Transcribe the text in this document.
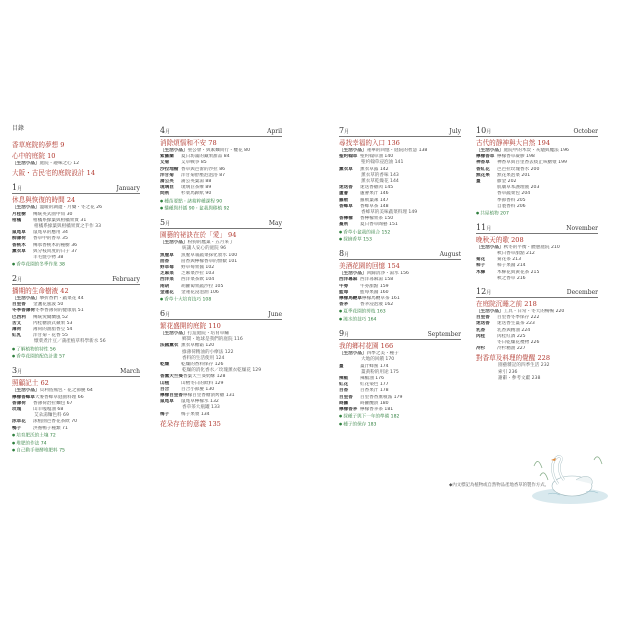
目錄
香草庭院的夢想 9
心中的庭院 10
［生活小品］庭院・趣味之心 12
大阪・古民宅的庭院設計 14
1月	January
休息與恢復的時間 24
［生活小品］溫暖的湖邊・月藥・冬之花 26
月桂樹 傳統英式園中角 30
柑橘	柑橘系綠葉與柑橘果實 31
柑橘系綠葉與柑橘果實之手作 33
鼠尾草 鼠尾草的應用 34
柳薄荷 香草中的香草 35
香桃木 傳承香桃木的種樹 36
薰衣草 與分枝同度的日子 37
羊毛氈小物 38
● 香草花園的冬季作業 38
2月	February
播期的生命樹液 42
［生活小品］攀折香們・蔬菜花 44
百里香 金盞花風波 50
冬季香薄荷冬季香薄荷的健康肌 51
巴西利 傳統愛爾蘭風 52
苦艾	內桂糖漬式蘋果 53
薄荷	薄荷的油脂香豆 54
紅乳	洋甘菊・花香 55
燉菜煮汁豆／蒲產植草料學新水 56
● 了解植物的特性 56
● 香草花園的配色計畫 57
3月	March
照顧記土 62
［生活小品］貝利島熊包・花之節慶 64
檸檬香蜂草大麥香蜂草庭園料理 66
香薄荷 香薄荷治拉麵包 67
玫瑰	山羊嘎嘎油 68
艾朵湯麵色料 69
泳草花 泳植園芭香花茶飲 70
鴨子	洪養鴨子種類 71
● 培育肥沃的土壤 72
● 堆肥的作法 74
● 自己動手發酵堆肥料 75
4月	April
消除煩惱和不安 78
［生活小品］聖公會・與素麵同行・櫻花 80
紫羅蘭 夏日坊滿的藏果甜品 84
艾菊	艾草戰爭 85
沙拉地榆 香草與芭蕾的沙拉 86
洋甘菊 洋甘菊舒壓泡泡浴 87
蒲公英 蒲公英葉湯 88
琉璃苣 琉璃苣茶療 89
問荊	杉菜馬蹄紙 90
● 種苗要點・諸葛粹種課程 90
● 播種與扦插 90・盆栽與移植 92
5月	May
園藝的祕訣在於「愛」 94
［生活小品］粉狗的鷹巢・五月來了
統讓人安心的庭院 96
魚腥草 魚腥草羹蔬菜採化妝水 100
茴香	茴香與檸檬香草的無數 101
野草莓 野草莓果醬 102
芝麻菜 芝麻菜沙拉 103
西洋菜 西洋菜茶飲 104
兩胡	胡蘿蔔果蔬沙拉 105
金蓮花 金蓮花浸泡油 106
● 香草十大培育技巧 108
6月	June
繁花盛開的庭院 110
［生活小品］打造庭院・培育草繡
鄉間・地球是我們的庭院 116
法國薰衣 薰衣草糖霜 120
綠薄荷精油的小療法 122
香料的生活使用 124
乾燥	乾燥的香料保存 126
乾燥的消化香水／玫瑰薰衣乾燥花 129
香薰天竺葵香葉天竺葵奶酥 128
山楂	山楂冬日的飲料 129
百合	百合小節慶 130
檸檬百里香檸檬百里香糖漬烤雞 131
鼠尾草 鼠尾草檸檬水 132
香草茶大瓶罐 133
梅子	梅子果漿 134
花朵存在的意義 135
7月	July
尋找幸福的入口 136
［生活小品］蓮華的回憶・庭院的智慧 138
聖約翰草 聖約翰草油 140
聖約翰草浸泡油 141
薰衣草 薰衣草露 142
薰衣草的香味 143
薰衣草乾燥花 144
迷迭香 迷迭香雞肉 145
蘆薈	蘆薈果汁 146
羅勒	羅勒葉凍 147
香蜂草 香蜂草茶 148
香蜂草的美味蔬菜料理 149
香檸檬 香檸檬果茶 150
蔓荊	夏日香草陶藝 151
● 香草小盆栽的組合 152
● 採摘香草 153
8月	August
美酒花園的回憶 154
［生活小品］回歸清淨・湯水 156
西洋蕁麻 西洋蕁麻湯 158
牛蒡	牛蒡甜點 159
藍莓	藍莓果醬 160
檸檬馬鞭草檸檬馬鞭草茶 161
香茅	香茅浸泡液 162
● 夏季花園的剪枝 163
● 澆水的技巧 164
9月	September
我的鄉村花園 166
［生活小品］四季之美・種子
大地的回饋 170
薑	薑汁蜂蜜 174
薑黃粉的用途 175
辣椒	辣椒油 176
紅花	紅花染色 177
百香	百香果汁 178
百里香 百里香香薰噴霧 179
蒔蘿	蒔蘿醃漬 180
檸檬香茅 檸檬香茅茶 181
● 採種子與下一年的準備 182
● 種子的保存 183
10月	October
古代的靜神與大自然 194
［生活小品］庭院中的木炭・灰燼與魔法 196
檸檬香草 檸檬香草凝膠 198
神香草 神香草與百里香去痰止咳糖漿 199
香紅花 芭芭拉玫瑰香水 200
無花果 無花果泡菜 201
薑	鬱金 202
肌膚草本護理液 203
香草蔬菜包 204
季節香料 205
自製香料 206
● 共屋植物 207
11月	November
晚秋天的歌 208
［生活小品］秋冬的平衡・體態庭院 210
秋日香草甜點 212
菊花	菊花茶 213
柿子	柿子果醬 214
木樨	木樨花與黃花茶 215
秋之香草 216
12月	December
在庭院沉睡之前 218
［生活小品］工具・日常・冬天的暢暢 220
百里香 百里香冬季保存 222
迷迭香 迷迭香生薑茶 223
乳香	乳香與精油 224
肉桂	肉桂紅酒 225
冬日乾燥花禮物 226
冷杉	冷杉精油 227
對香草及料理的覺醒 228
園藝雜記的四季生活 232
索引 236
謝辭・參考文獻 238
◆內文標記為植物或自然物品產地香草的製作方式。
